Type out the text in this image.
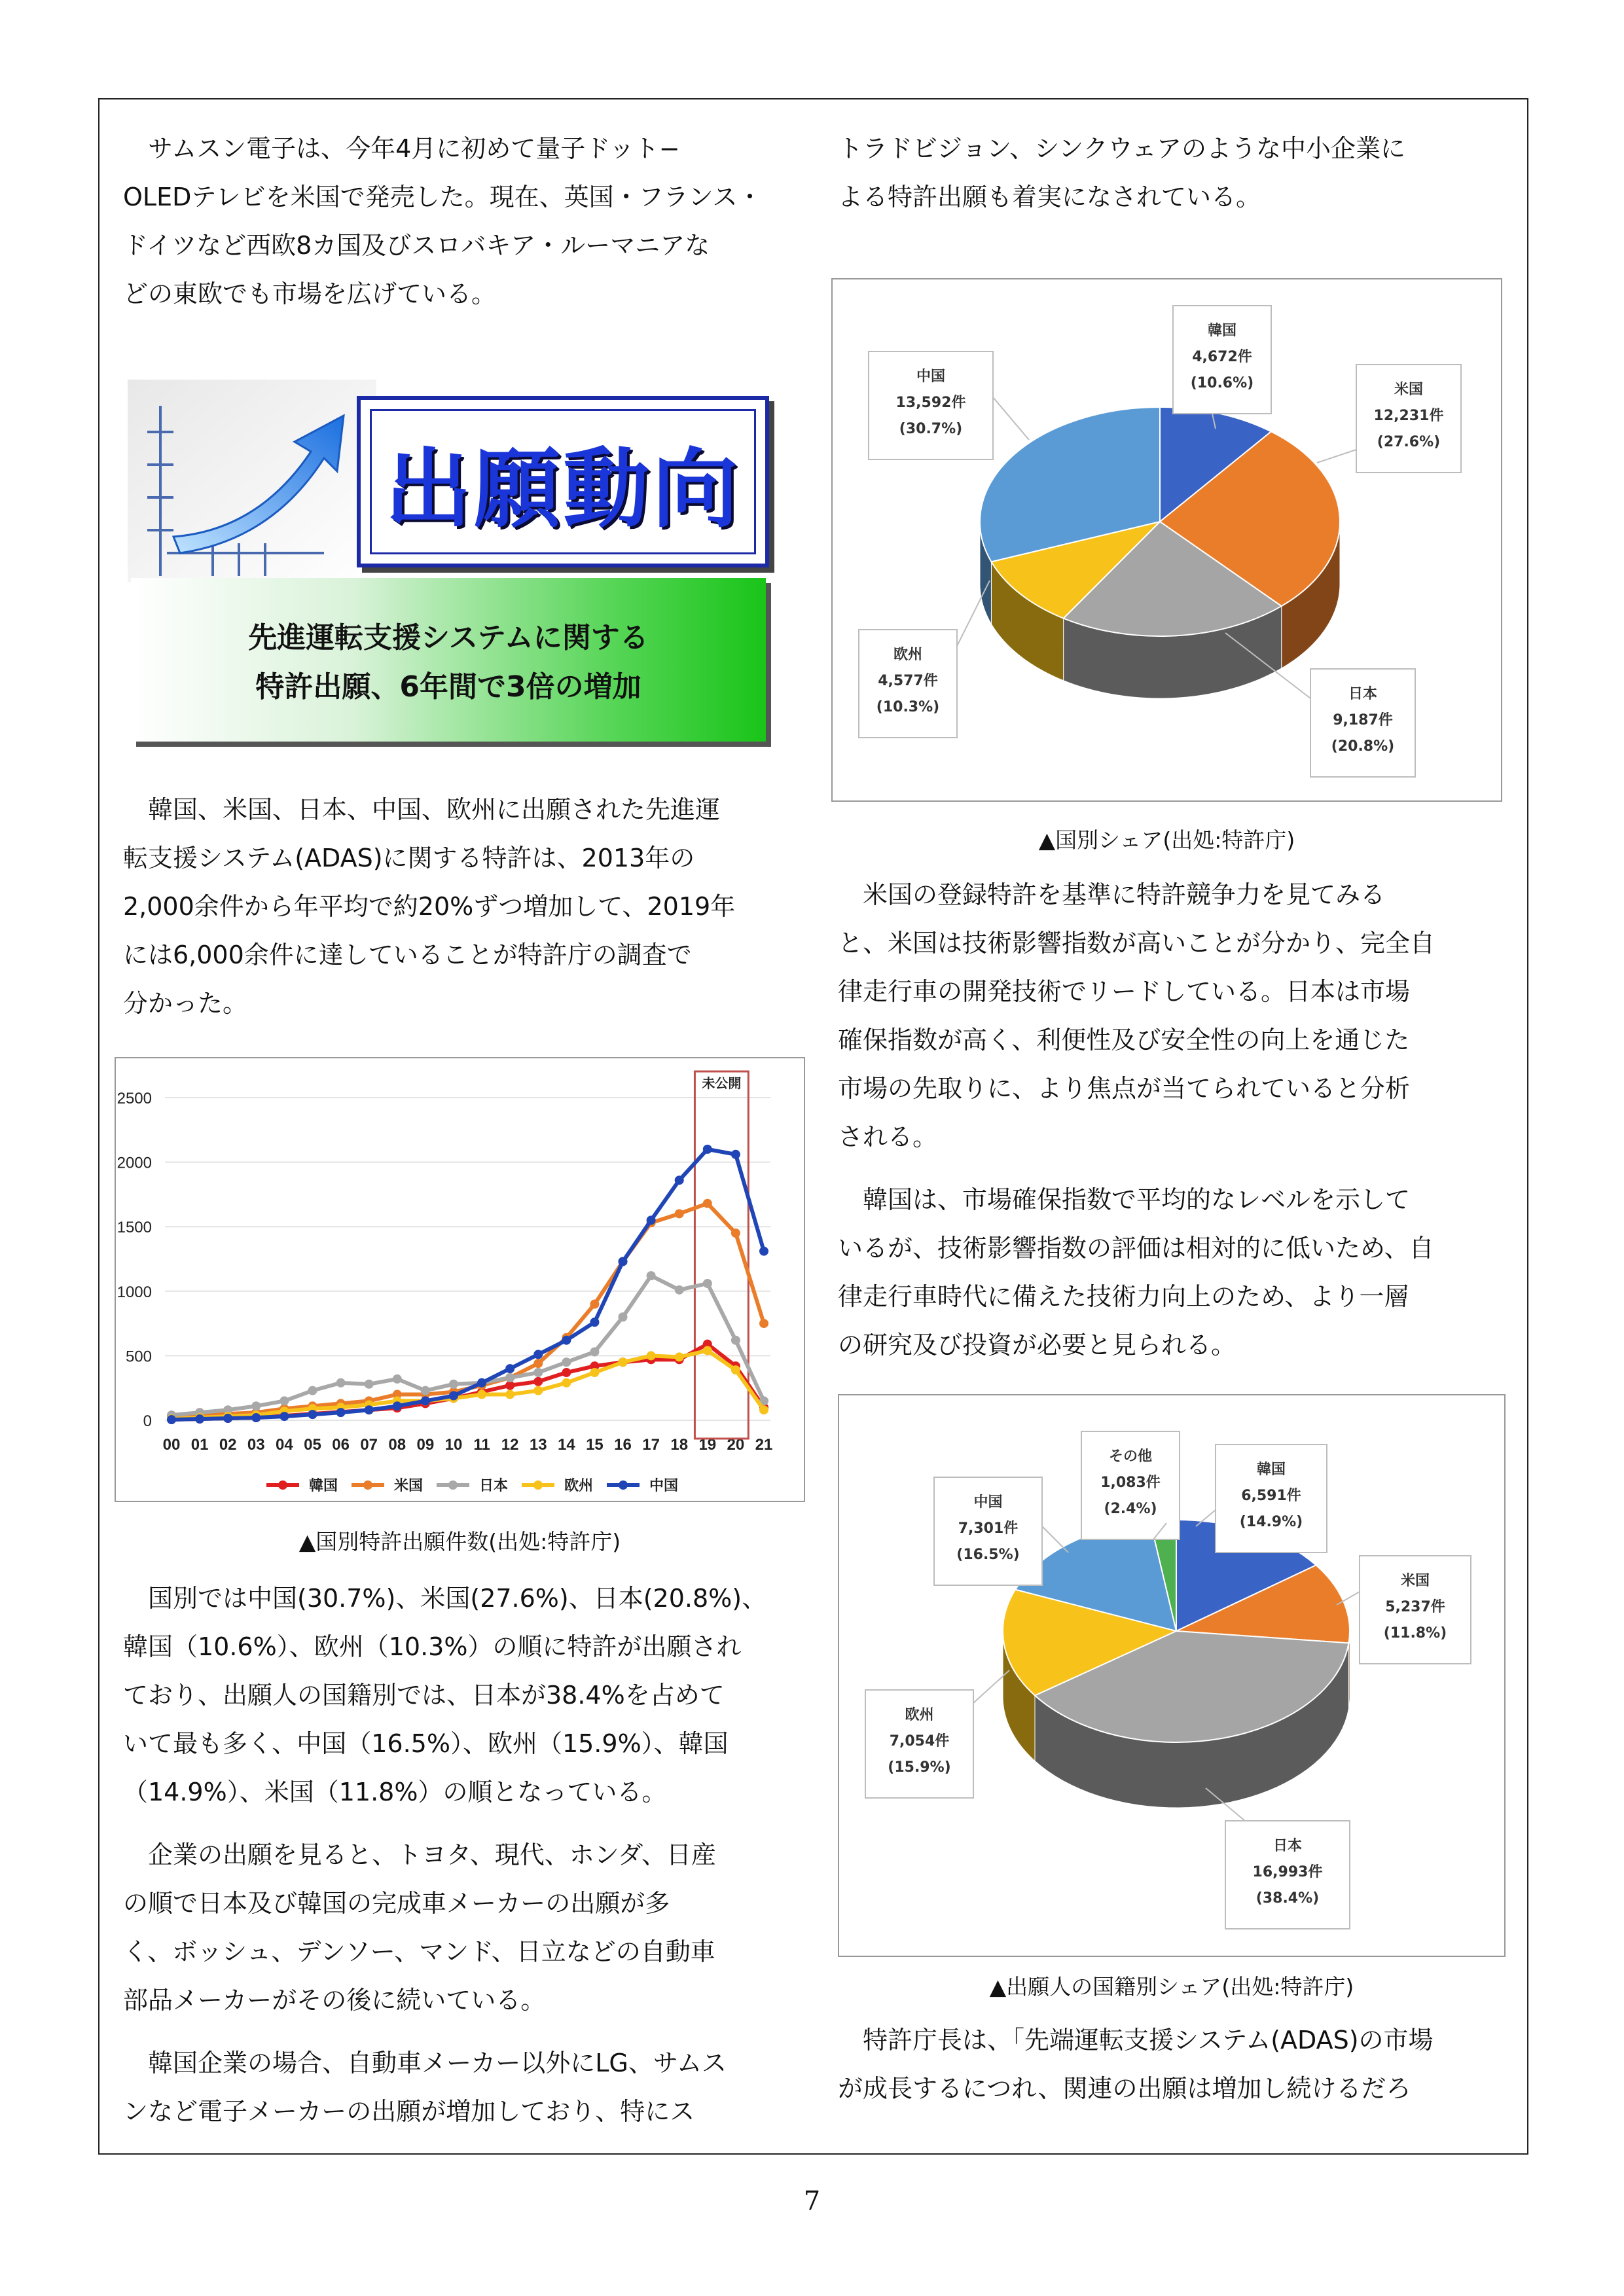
サムスン電子は、今年4月に初めて量子ドット−
OLEDテレビを米国で発売した。現在、英国・フランス・
ドイツなど西欧8カ国及びスロバキア・ルーマニアな
どの東欧でも市場を広げている。

出願動向
先進運転支援システムに関する
特許出願、6年間で3倍の増加

韓国、米国、日本、中国、欧州に出願された先進運
転支援システム(ADAS)に関する特許は、2013年の
2,000余件から年平均で約20%ずつ増加して、2019年
には6,000余件に達していることが特許庁の調査で
分かった。

0
500
1000
1500
2000
2500
00 01 02 03 04 05 06 07 08 09 10 11 12 13 14 15 16 17 18 19 20 21
未公開
韓国	米国	日本	欧州	中国
▲国別特許出願件数(出処:特許庁)

国別では中国(30.7%)、米国(27.6%)、日本(20.8%)、
韓国（10.6%）、欧州（10.3%）の順に特許が出願され
ており、出願人の国籍別では、日本が38.4%を占めて
いて最も多く、中国（16.5%）、欧州（15.9%）、韓国
（14.9%）、米国（11.8%）の順となっている。

企業の出願を見ると、トヨタ、現代、ホンダ、日産
の順で日本及び韓国の完成車メーカーの出願が多
く、ボッシュ、デンソー、マンド、日立などの自動車
部品メーカーがその後に続いている。

韓国企業の場合、自動車メーカー以外にLG、サムス
ンなど電子メーカーの出願が増加しており、特にス

トラドビジョン、シンクウェアのような中小企業に
よる特許出願も着実になされている。

韓国
4,672件
(10.6%)	米国
12,231件
(27.6%)
日本
9,187件
(20.8%)
欧州
4,577件
(10.3%)
中国
13,592件
(30.7%)
▲国別シェア(出処:特許庁)

米国の登録特許を基準に特許競争力を見てみる
と、米国は技術影響指数が高いことが分かり、完全自
律走行車の開発技術でリードしている。日本は市場
確保指数が高く、利便性及び安全性の向上を通じた
市場の先取りに、より焦点が当てられていると分析
される。

韓国は、市場確保指数で平均的なレベルを示して
いるが、技術影響指数の評価は相対的に低いため、自
律走行車時代に備えた技術力向上のため、より一層
の研究及び投資が必要と見られる。

韓国
6,591件
(14.9%)
米国
5,237件
(11.8%)
日本
16,993件
(38.4%)
欧州
7,054件
(15.9%)
中国
7,301件
(16.5%)
その他
1,083件
(2.4%)
▲出願人の国籍別シェア(出処:特許庁)

特許庁長は、「先端運転支援システム(ADAS)の市場
が成長するにつれ、関連の出願は増加し続けるだろ

7
